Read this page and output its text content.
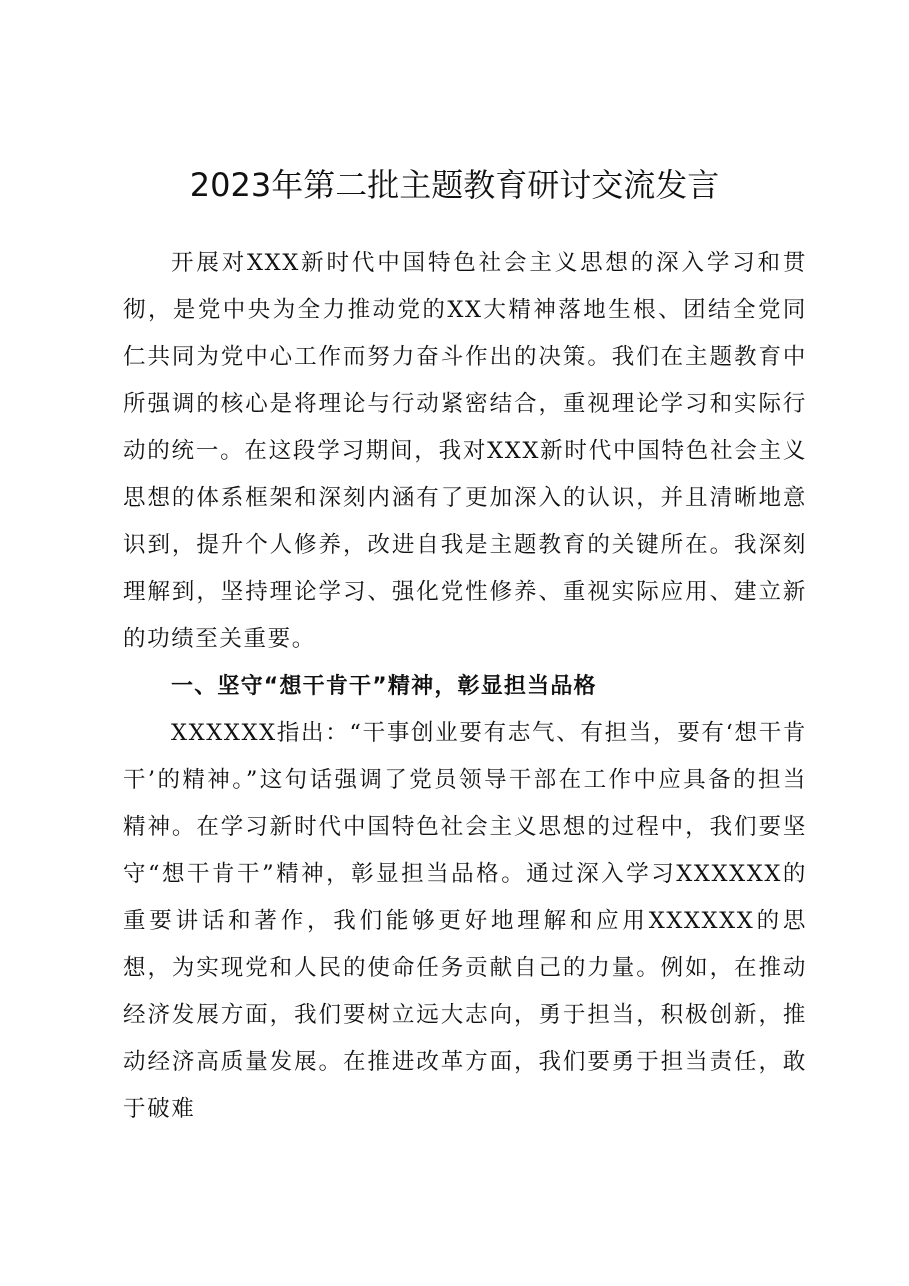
2023年第二批主题教育研讨交流发言

开展对XXX新时代中国特色社会主义思想的深入学习和贯彻，是党中央为全力推动党的XX大精神落地生根、团结全党同仁共同为党中心工作而努力奋斗作出的决策。我们在主题教育中所强调的核心是将理论与行动紧密结合，重视理论学习和实际行动的统一。在这段学习期间，我对XXX新时代中国特色社会主义思想的体系框架和深刻内涵有了更加深入的认识，并且清晰地意识到，提升个人修养，改进自我是主题教育的关键所在。我深刻理解到，坚持理论学习、强化党性修养、重视实际应用、建立新的功绩至关重要。

一、坚守“想干肯干”精神，彰显担当品格

XXXXXX指出：“干事创业要有志气、有担当，要有‘想干肯干’的精神。”这句话强调了党员领导干部在工作中应具备的担当精神。在学习新时代中国特色社会主义思想的过程中，我们要坚守“想干肯干”精神，彰显担当品格。通过深入学习XXXXXX的重要讲话和著作，我们能够更好地理解和应用XXXXXX的思想，为实现党和人民的使命任务贡献自己的力量。例如，在推动经济发展方面，我们要树立远大志向，勇于担当，积极创新，推动经济高质量发展。在推进改革方面，我们要勇于担当责任，敢于破难
